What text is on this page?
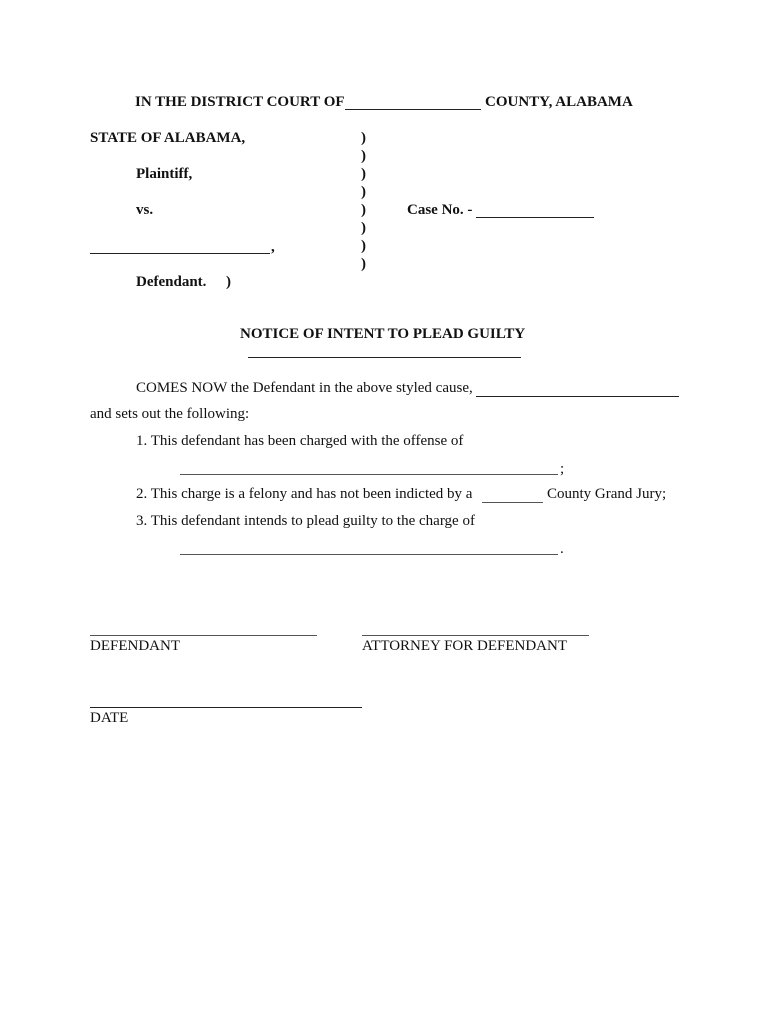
IN THE DISTRICT COURT OF	COUNTY, ALABAMA
STATE OF ALABAMA,
Plaintiff,
vs.
,
Defendant. )
)
)
)
)
)
)
)
)
Case No. -
NOTICE OF INTENT TO PLEAD GUILTY
COMES NOW the Defendant in the above styled cause,
and sets out the following:
1. This defendant has been charged with the offense of
;
2. This charge is a felony and has not been indicted by a	County Grand Jury;
3. This defendant intends to plead guilty to the charge of
.
DEFENDANT	ATTORNEY FOR DEFENDANT
DATE
